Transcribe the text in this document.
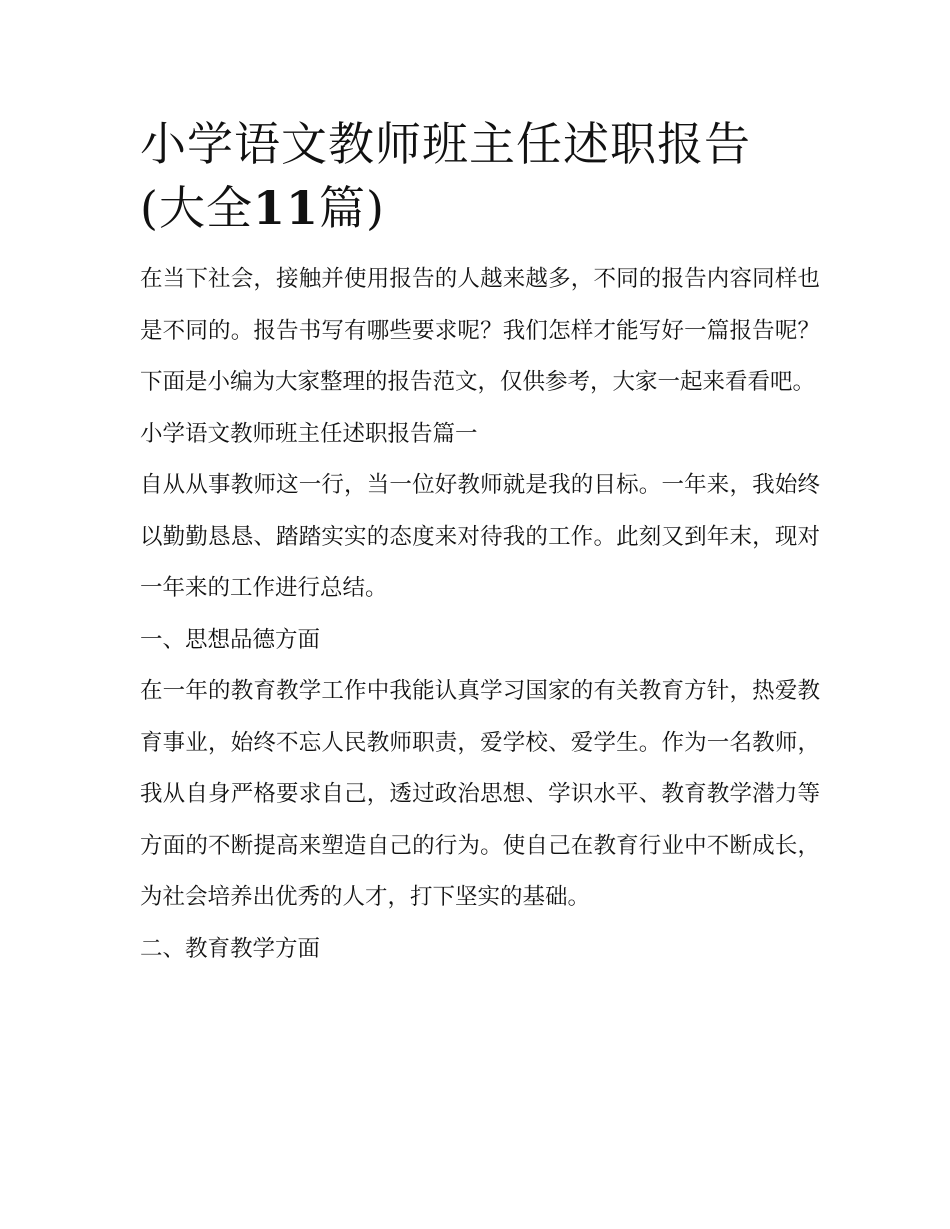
小学语文教师班主任述职报告
(大全11篇)

在当下社会，接触并使用报告的人越来越多，不同的报告内容同样也是不同的。报告书写有哪些要求呢？我们怎样才能写好一篇报告呢？下面是小编为大家整理的报告范文，仅供参考，大家一起来看看吧。

小学语文教师班主任述职报告篇一

自从从事教师这一行，当一位好教师就是我的目标。一年来，我始终以勤勤恳恳、踏踏实实的态度来对待我的工作。此刻又到年末，现对一年来的工作进行总结。

一、思想品德方面

在一年的教育教学工作中我能认真学习国家的有关教育方针，热爱教育事业，始终不忘人民教师职责，爱学校、爱学生。作为一名教师，我从自身严格要求自己，透过政治思想、学识水平、教育教学潜力等方面的不断提高来塑造自己的行为。使自己在教育行业中不断成长，为社会培养出优秀的人才，打下坚实的基础。

二、教育教学方面
